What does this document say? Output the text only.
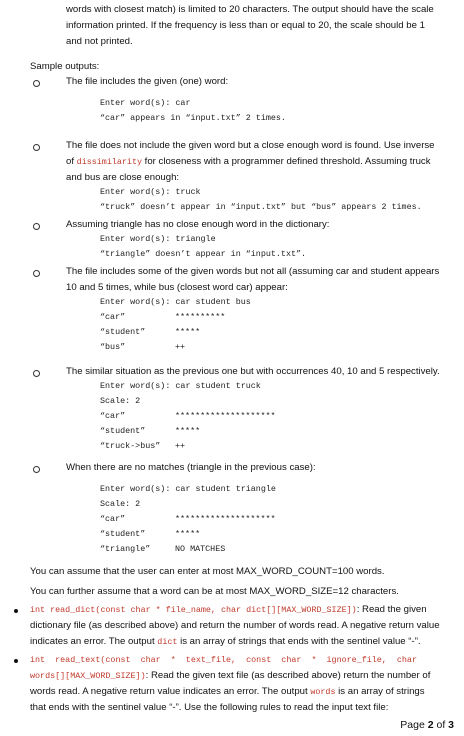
words with closest match) is limited to 20 characters. The output should have the scale

information printed. If the frequency is less than or equal to 20, the scale should be 1

and not printed.

Sample outputs:

The file includes the given (one) word:

Enter word(s): car

“car” appears in “input.txt” 2 times.

The file does not include the given word but a close enough word is found. Use inverse

of dissimilarity for closeness with a programmer defined threshold. Assuming truck

and bus are close enough:

Enter word(s): truck

“truck” doesn’t appear in “input.txt” but “bus” appears 2 times.

Assuming triangle has no close enough word in the dictionary:

Enter word(s): triangle

“triangle” doesn’t appear in “input.txt”.

The file includes some of the given words but not all (assuming car and student appears

10 and 5 times, while bus (closest word car) appear:

Enter word(s): car student bus

“car”	**********

“student”	*****

“bus”	++

The similar situation as the previous one but with occurrences 40, 10 and 5 respectively.

Enter word(s): car student truck

Scale: 2

“car”	********************

“student”	*****

“truck->bus” ++

When there are no matches (triangle in the previous case):

Enter word(s): car student triangle

Scale: 2

“car”	********************

“student”	*****

“triangle”	NO MATCHES

You can assume that the user can enter at most MAX_WORD_COUNT=100 words.

You can further assume that a word can be at most MAX_WORD_SIZE=12 characters.

int read_dict(const char * file_name, char dict[][MAX_WORD_SIZE]): Read the given

dictionary file (as described above) and return the number of words read. A negative return value

indicates an error. The output dict is an array of strings that ends with the sentinel value “-”.

int  read_text(const  char  *  text_file,  const  char  *  ignore_file,  char

words[][MAX_WORD_SIZE]): Read the given text file (as described above) return the number of

words read. A negative return value indicates an error. The output words is an array of strings

that ends with the sentinel value “-”. Use the following rules to read the input text file:

Page 2 of 3
